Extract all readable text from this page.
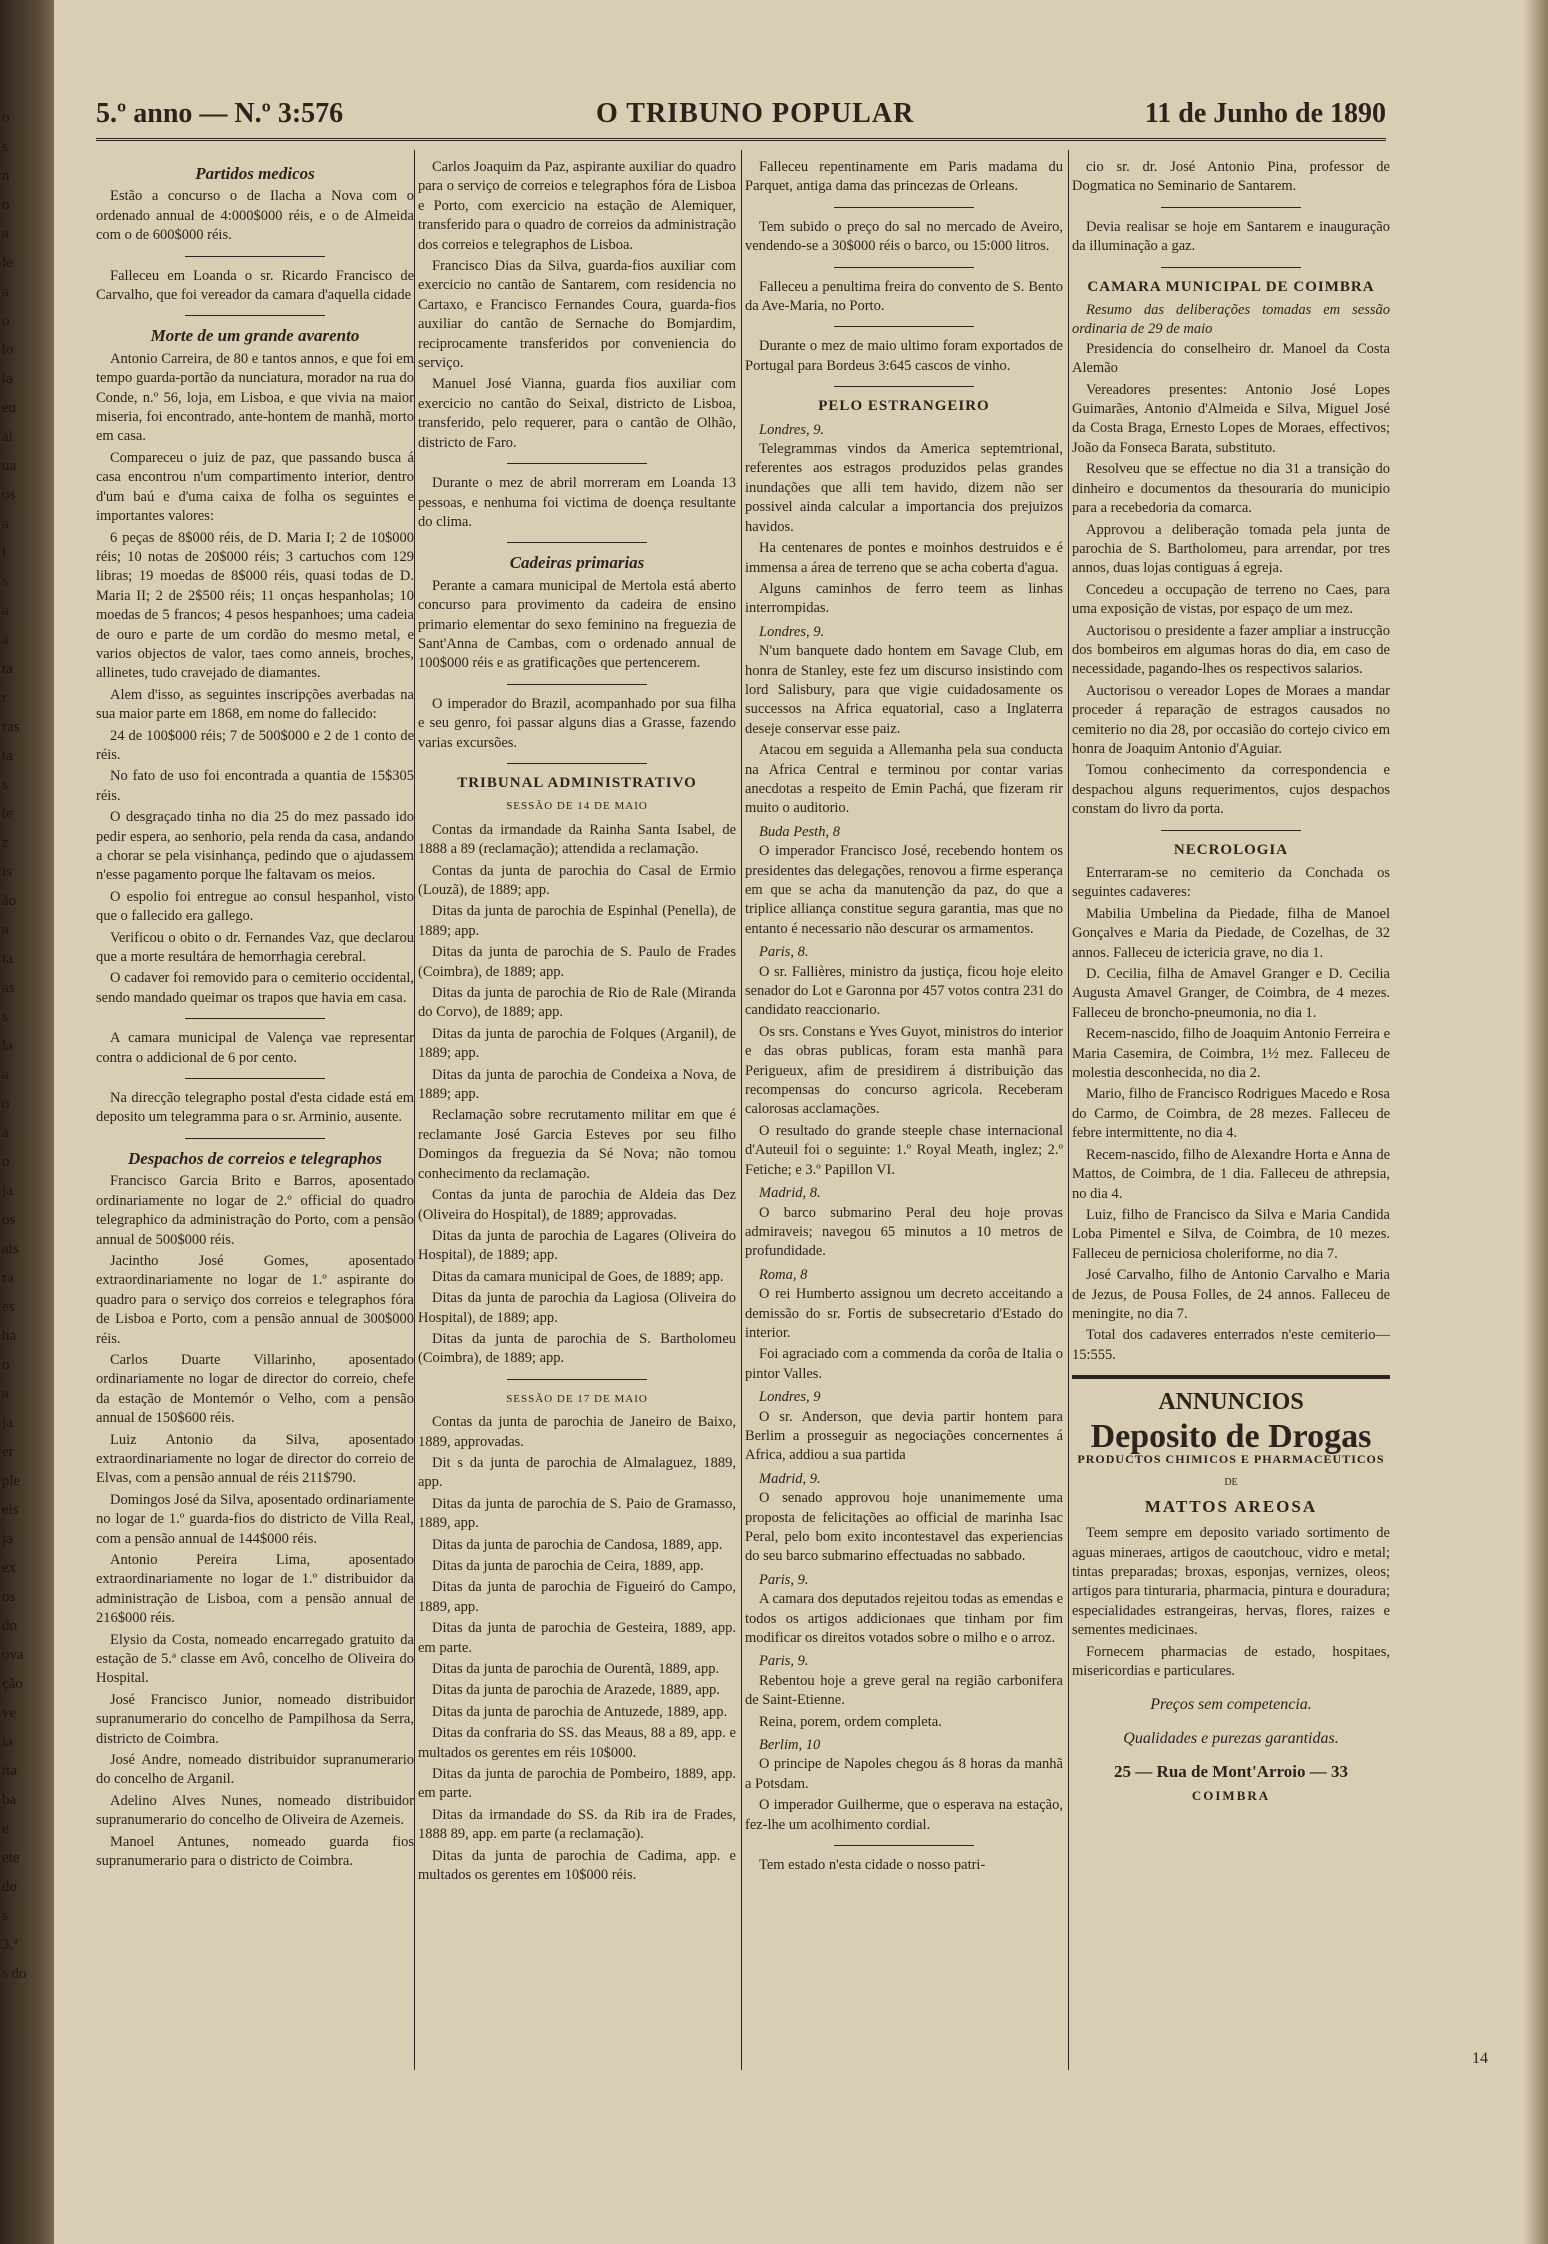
o
s
n
o
a
le
a
o
lo
la
eu
al
ua
os
a
l
s
a
a
ta
r
ras
ta
s
ie
z
is
ão
a
ta
as
s
la
a
o
a
o
ja
os
ais
ra
es
ha
o
a
ja
er
ple
eis
ja
ex
os
do
ova
ção
ve
ia
ita
ba
e
ete
do
s
3.º
s do
5.º anno — N.º 3:576	O TRIBUNO POPULAR	11 de Junho de 1890
Partidos medicos

Estão a concurso o de Ilacha a Nova com o ordenado annual de 4:000$000 réis, e o de Almeida com o de 600$000 réis.

Falleceu em Loanda o sr. Ricardo Francisco de Carvalho, que foi vereador da camara d'aquella cidade

Morte de um grande avarento

Antonio Carreira, de 80 e tantos annos, e que foi em tempo guarda-portão da nunciatura, morador na rua do Conde, n.º 56, loja, em Lisboa, e que vivia na maior miseria, foi encontrado, ante-hontem de manhã, morto em casa.

Compareceu o juiz de paz, que passando busca á casa encontrou n'um compartimento interior, dentro d'um baú e d'uma caixa de folha os seguintes e importantes valores:

6 peças de 8$000 réis, de D. Maria I; 2 de 10$000 réis; 10 notas de 20$000 réis; 3 cartuchos com 129 libras; 19 moedas de 8$000 réis, quasi todas de D. Maria II; 2 de 2$500 réis; 11 onças hespanholas; 10 moedas de 5 francos; 4 pesos hespanhoes; uma cadeia de ouro e parte de um cordão do mesmo metal, e varios objectos de valor, taes como anneis, broches, allinetes, tudo cravejado de diamantes.

Alem d'isso, as seguintes inscripções averbadas na sua maior parte em 1868, em nome do fallecido:

24 de 100$000 réis; 7 de 500$000 e 2 de 1 conto de réis.

No fato de uso foi encontrada a quantia de 15$305 réis.

O desgraçado tinha no dia 25 do mez passado ido pedir espera, ao senhorio, pela renda da casa, andando a chorar se pela visinhança, pedindo que o ajudassem n'esse pagamento porque lhe faltavam os meios.

O espolio foi entregue ao consul hespanhol, visto que o fallecido era gallego.

Verificou o obito o dr. Fernandes Vaz, que declarou que a morte resultára de hemorrhagia cerebral.

O cadaver foi removido para o cemiterio occidental, sendo mandado queimar os trapos que havia em casa.

A camara municipal de Valença vae representar contra o addicional de 6 por cento.

Na direcção telegrapho postal d'esta cidade está em deposito um telegramma para o sr. Arminio, ausente.

Despachos de correios e telegraphos

Francisco Garcia Brito e Barros, aposentado ordinariamente no logar de 2.º official do quadro telegraphico da administração do Porto, com a pensão annual de 500$000 réis.

Jacintho José Gomes, aposentado extraordinariamente no logar de 1.º aspirante do quadro para o serviço dos correios e telegraphos fóra de Lisboa e Porto, com a pensão annual de 300$000 réis.

Carlos Duarte Villarinho, aposentado ordinariamente no logar de director do correio, chefe da estação de Montemór o Velho, com a pensão annual de 150$600 réis.

Luiz Antonio da Silva, aposentado extraordinariamente no logar de director do correio de Elvas, com a pensão annual de réis 211$790.

Domingos José da Silva, aposentado ordinariamente no logar de 1.º guarda-fios do districto de Villa Real, com a pensão annual de 144$000 réis.

Antonio Pereira Lima, aposentado extraordinariamente no logar de 1.º distribuidor da administração de Lisboa, com a pensão annual de 216$000 réis.

Elysio da Costa, nomeado encarregado gratuito da estação de 5.ª classe em Avô, concelho de Oliveira do Hospital.

José Francisco Junior, nomeado distribuidor supranumerario do concelho de Pampilhosa da Serra, districto de Coimbra.

José Andre, nomeado distribuidor supranumerario do concelho de Arganil.

Adelino Alves Nunes, nomeado distribuidor supranumerario do concelho de Oliveira de Azemeis.

Manoel Antunes, nomeado guarda fios supranumerario para o districto de Coimbra.

Carlos Joaquim da Paz, aspirante auxiliar do quadro para o serviço de correios e telegraphos fóra de Lisboa e Porto, com exercicio na estação de Alemiquer, transferido para o quadro de correios da administração dos correios e telegraphos de Lisboa.

Francisco Dias da Silva, guarda-fios auxiliar com exercicio no cantão de Santarem, com residencia no Cartaxo, e Francisco Fernandes Coura, guarda-fios auxiliar do cantão de Sernache do Bomjardim, reciprocamente transferidos por conveniencia do serviço.

Manuel José Vianna, guarda fios auxiliar com exercicio no cantão do Seixal, districto de Lisboa, transferido, pelo requerer, para o cantão de Olhão, districto de Faro.

Durante o mez de abril morreram em Loanda 13 pessoas, e nenhuma foi victima de doença resultante do clima.

Cadeiras primarias

Perante a camara municipal de Mertola está aberto concurso para provimento da cadeira de ensino primario elementar do sexo feminino na freguezia de Sant'Anna de Cambas, com o ordenado annual de 100$000 réis e as gratificações que pertencerem.

O imperador do Brazil, acompanhado por sua filha e seu genro, foi passar alguns dias a Grasse, fazendo varias excursões.

TRIBUNAL ADMINISTRATIVO
SESSÃO DE 14 DE MAIO

Contas da irmandade da Rainha Santa Isabel, de 1888 a 89 (reclamação); attendida a reclamação.

Contas da junta de parochia do Casal de Ermio (Louzã), de 1889; app.

Ditas da junta de parochia de Espinhal (Penella), de 1889; app.

Ditas da junta de parochia de S. Paulo de Frades (Coimbra), de 1889; app.

Ditas da junta de parochia de Rio de Rale (Miranda do Corvo), de 1889; app.

Ditas da junta de parochia de Folques (Arganil), de 1889; app.

Ditas da junta de parochia de Condeixa a Nova, de 1889; app.

Reclamação sobre recrutamento militar em que é reclamante José Garcia Esteves por seu filho Domingos da freguezia da Sé Nova; não tomou conhecimento da reclamação.

Contas da junta de parochia de Aldeia das Dez (Oliveira do Hospital), de 1889; approvadas.

Ditas da junta de parochia de Lagares (Oliveira do Hospital), de 1889; app.

Ditas da camara municipal de Goes, de 1889; app.

Ditas da junta de parochia da Lagiosa (Oliveira do Hospital), de 1889; app.

Ditas da junta de parochia de S. Bartholomeu (Coimbra), de 1889; app.

SESSÃO DE 17 DE MAIO

Contas da junta de parochia de Janeiro de Baixo, 1889, approvadas.

Dit s da junta de parochia de Almalaguez, 1889, app.

Ditas da junta de parochia de S. Paio de Gramasso, 1889, app.

Ditas da junta de parochia de Candosa, 1889, app.

Ditas da junta de parochia de Ceira, 1889, app.

Ditas da junta de parochia de Figueiró do Campo, 1889, app.

Ditas da junta de parochia de Gesteira, 1889, app. em parte.

Ditas da junta de parochia de Ourentã, 1889, app.

Ditas da junta de parochia de Arazede, 1889, app.

Ditas da junta de parochia de Antuzede, 1889, app.

Ditas da confraria do SS. das Meaus, 88 a 89, app. e multados os gerentes em réis 10$000.

Ditas da junta de parochia de Pombeiro, 1889, app. em parte.

Ditas da irmandade do SS. da Rib ira de Frades, 1888 89, app. em parte (a reclamação).

Ditas da junta de parochia de Cadima, app. e multados os gerentes em 10$000 réis.

Falleceu repentinamente em Paris madama du Parquet, antiga dama das princezas de Orleans.

Tem subido o preço do sal no mercado de Aveiro, vendendo-se a 30$000 réis o barco, ou 15:000 litros.

Falleceu a penultima freira do convento de S. Bento da Ave-Maria, no Porto.

Durante o mez de maio ultimo foram exportados de Portugal para Bordeus 3:645 cascos de vinho.

PELO ESTRANGEIRO

Londres, 9.

Telegrammas vindos da America septemtrional, referentes aos estragos produzidos pelas grandes inundações que alli tem havido, dizem não ser possivel ainda calcular a importancia dos prejuizos havidos.

Ha centenares de pontes e moinhos destruidos e é immensa a área de terreno que se acha coberta d'agua.

Alguns caminhos de ferro teem as linhas interrompidas.

Londres, 9.

N'um banquete dado hontem em Savage Club, em honra de Stanley, este fez um discurso insistindo com lord Salisbury, para que vigie cuidadosamente os successos na Africa equatorial, caso a Inglaterra deseje conservar esse paiz.

Atacou em seguida a Allemanha pela sua conducta na Africa Central e terminou por contar varias anecdotas a respeito de Emin Pachá, que fizeram rir muito o auditorio.

Buda Pesth, 8

O imperador Francisco José, recebendo hontem os presidentes das delegações, renovou a firme esperança em que se acha da manutenção da paz, do que a triplice alliança constitue segura garantia, mas que no entanto é necessario não descurar os armamentos.

Paris, 8.

O sr. Fallières, ministro da justiça, ficou hoje eleito senador do Lot e Garonna por 457 votos contra 231 do candidato reaccionario.

Os srs. Constans e Yves Guyot, ministros do interior e das obras publicas, foram esta manhã para Perigueux, afim de presidirem á distribuição das recompensas do concurso agricola. Receberam calorosas acclamações.

O resultado do grande steeple chase internacional d'Auteuil foi o seguinte: 1.º Royal Meath, inglez; 2.º Fetiche; e 3.º Papillon VI.

Madrid, 8.

O barco submarino Peral deu hoje provas admiraveis; navegou 65 minutos a 10 metros de profundidade.

Roma, 8

O rei Humberto assignou um decreto acceitando a demissão do sr. Fortis de subsecretario d'Estado do interior.

Foi agraciado com a commenda da corôa de Italia o pintor Valles.

Londres, 9

O sr. Anderson, que devia partir hontem para Berlim a prosseguir as negociações concernentes á Africa, addiou a sua partida

Madrid, 9.

O senado approvou hoje unanimemente uma proposta de felicitações ao official de marinha Isac Peral, pelo bom exito incontestavel das experiencias do seu barco submarino effectuadas no sabbado.

Paris, 9.

A camara dos deputados rejeitou todas as emendas e todos os artigos addicionaes que tinham por fim modificar os direitos votados sobre o milho e o arroz.

Paris, 9.

Rebentou hoje a greve geral na região carbonifera de Saint-Etienne.

Reina, porem, ordem completa.

Berlim, 10

O principe de Napoles chegou ás 8 horas da manhã a Potsdam.

O imperador Guilherme, que o esperava na estação, fez-lhe um acolhimento cordial.

Tem estado n'esta cidade o nosso patri-

cio sr. dr. José Antonio Pina, professor de Dogmatica no Seminario de Santarem.

Devia realisar se hoje em Santarem e inauguração da illuminação a gaz.

CAMARA MUNICIPAL DE COIMBRA

Resumo das deliberações tomadas em sessão ordinaria de 29 de maio

Presidencia do conselheiro dr. Manoel da Costa Alemão

Vereadores presentes: Antonio José Lopes Guimarães, Antonio d'Almeida e Silva, Miguel José da Costa Braga, Ernesto Lopes de Moraes, effectivos; João da Fonseca Barata, substituto.

Resolveu que se effectue no dia 31 a transição do dinheiro e documentos da thesouraria do municipio para a recebedoria da comarca.

Approvou a deliberação tomada pela junta de parochia de S. Bartholomeu, para arrendar, por tres annos, duas lojas contiguas á egreja.

Concedeu a occupação de terreno no Caes, para uma exposição de vistas, por espaço de um mez.

Auctorisou o presidente a fazer ampliar a instrucção dos bombeiros em algumas horas do dia, em caso de necessidade, pagando-lhes os respectivos salarios.

Auctorisou o vereador Lopes de Moraes a mandar proceder á reparação de estragos causados no cemiterio no dia 28, por occasião do cortejo civico em honra de Joaquim Antonio d'Aguiar.

Tomou conhecimento da correspondencia e despachou alguns requerimentos, cujos despachos constam do livro da porta.

NECROLOGIA

Enterraram-se no cemiterio da Conchada os seguintes cadaveres:

Mabilia Umbelina da Piedade, filha de Manoel Gonçalves e Maria da Piedade, de Cozelhas, de 32 annos. Falleceu de ictericia grave, no dia 1.

D. Cecilia, filha de Amavel Granger e D. Cecilia Augusta Amavel Granger, de Coimbra, de 4 mezes. Falleceu de broncho-pneumonia, no dia 1.

Recem-nascido, filho de Joaquim Antonio Ferreira e Maria Casemira, de Coimbra, 1½ mez. Falleceu de molestia desconhecida, no dia 2.

Mario, filho de Francisco Rodrigues Macedo e Rosa do Carmo, de Coimbra, de 28 mezes. Falleceu de febre intermittente, no dia 4.

Recem-nascido, filho de Alexandre Horta e Anna de Mattos, de Coimbra, de 1 dia. Falleceu de athrepsia, no dia 4.

Luiz, filho de Francisco da Silva e Maria Candida Loba Pimentel e Silva, de Coimbra, de 10 mezes. Falleceu de perniciosa choleriforme, no dia 7.

José Carvalho, filho de Antonio Carvalho e Maria de Jezus, de Pousa Folles, de 24 annos. Falleceu de meningite, no dia 7.

Total dos cadaveres enterrados n'este cemiterio—15:555.

ANNUNCIOS
Deposito de Drogas
PRODUCTOS CHIMICOS E PHARMACEUTICOS
DE
MATTOS AREOSA

Teem sempre em deposito variado sortimento de aguas mineraes, artigos de caoutchouc, vidro e metal; tintas preparadas; broxas, esponjas, vernizes, oleos; artigos para tinturaria, pharmacia, pintura e douradura; especialidades estrangeiras, hervas, flores, raizes e sementes medicinaes.

Fornecem pharmacias de estado, hospitaes, misericordias e particulares.

Preços sem competencia.
Qualidades e purezas garantidas.
25 — Rua de Mont'Arroio — 33
COIMBRA
14
